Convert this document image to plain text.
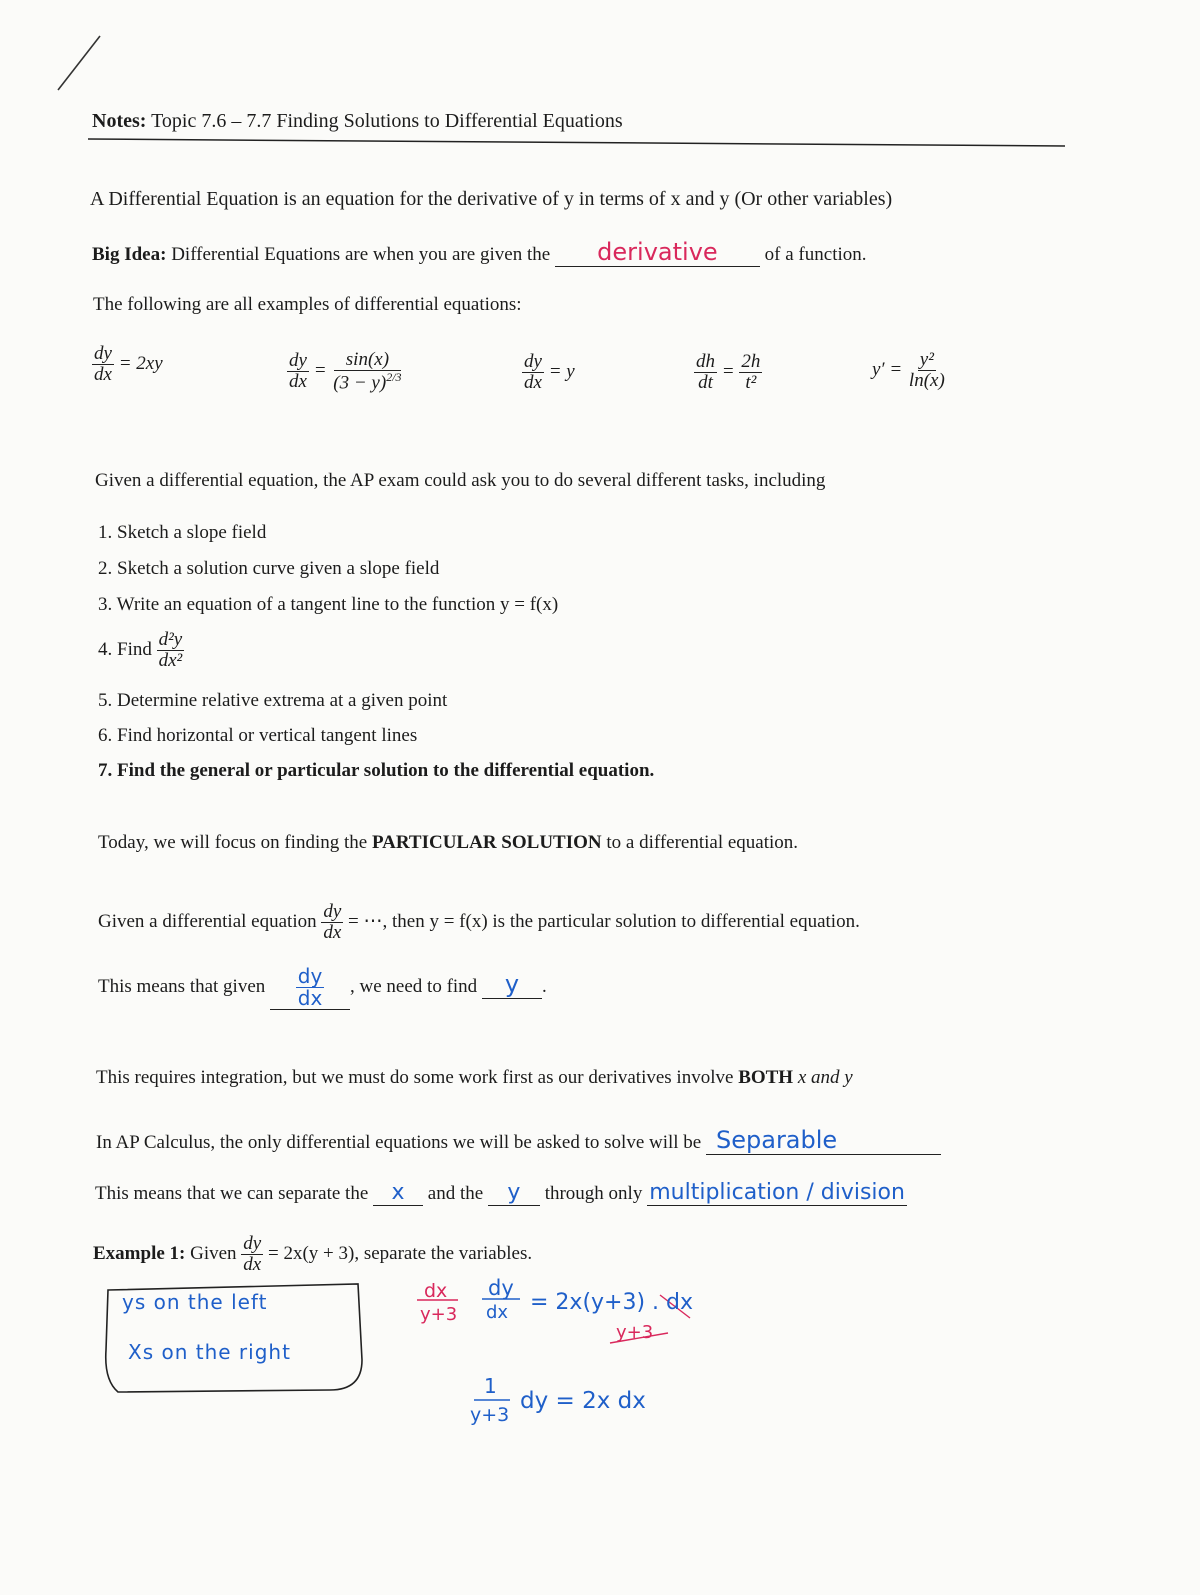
Notes: Topic 7.6 – 7.7 Finding Solutions to Differential Equations
A Differential Equation is an equation for the derivative of y in terms of x and y (Or other variables)
Big Idea: Differential Equations are when you are given the derivative of a function.
The following are all examples of differential equations:
$\frac{dy}{dx} = 2xy$	$\frac{dy}{dx} = \frac{\sin(x)}{(3 - y)^{2/3}}$	$\frac{dy}{dx} = y$	$\frac{dh}{dt} = \frac{2h}{\text{t²}}$	$y' = \frac{\text{y²}}{\ln(x)}$
Given a differential equation, the AP exam could ask you to do several different tasks, including
1. Sketch a slope field
2. Sketch a solution curve given a slope field
3. Write an equation of a tangent line to the function y = f(x)
4. Find $\frac{\text{d²y}}{\text{dx²}}$
5. Determine relative extrema at a given point
6. Find horizontal or vertical tangent lines
7. Find the general or particular solution to the differential equation.
Today, we will focus on finding the PARTICULAR SOLUTION to a differential equation.
Given a differential equation $\frac{dy}{dx}$ = ⋯, then y = f(x) is the particular solution to differential equation.
This means that given $\frac{dy}{dx}$ , we need to find y .
This requires integration, but we must do some work first as our derivatives involve BOTH x and y
In AP Calculus, the only differential equations we will be asked to solve will be Separable
This means that we can separate the x and the y through only multiplication / division
Example 1: Given $\frac{dy}{dx} = 2x(y + 3)$, separate the variables.
ys on the left
Xs on the right
dx
y+3
dy
dx = 2x(y+3) . dx
y+3
1
y+3
dy = 2x dx
